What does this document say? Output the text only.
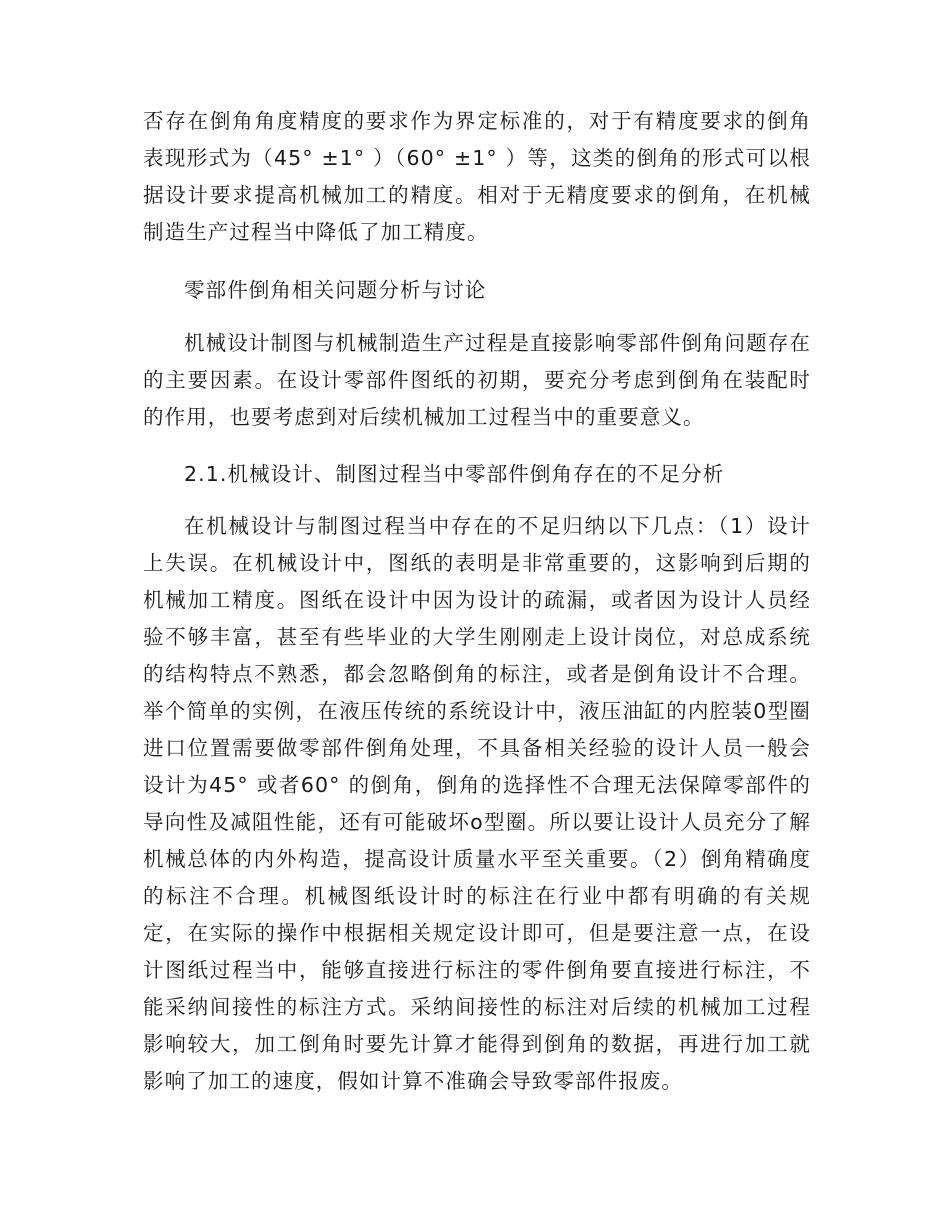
否存在倒角角度精度的要求作为界定标准的，对于有精度要求的倒角表现形式为（45° ±1° ）（60° ±1° ）等，这类的倒角的形式可以根据设计要求提高机械加工的精度。相对于无精度要求的倒角，在机械制造生产过程当中降低了加工精度。

零部件倒角相关问题分析与讨论

机械设计制图与机械制造生产过程是直接影响零部件倒角问题存在的主要因素。在设计零部件图纸的初期，要充分考虑到倒角在装配时的作用，也要考虑到对后续机械加工过程当中的重要意义。

2.1.机械设计、制图过程当中零部件倒角存在的不足分析

在机械设计与制图过程当中存在的不足归纳以下几点：（1）设计上失误。在机械设计中，图纸的表明是非常重要的，这影响到后期的机械加工精度。图纸在设计中因为设计的疏漏，或者因为设计人员经验不够丰富，甚至有些毕业的大学生刚刚走上设计岗位，对总成系统的结构特点不熟悉，都会忽略倒角的标注，或者是倒角设计不合理。举个简单的实例，在液压传统的系统设计中，液压油缸的内腔装0型圈进口位置需要做零部件倒角处理，不具备相关经验的设计人员一般会设计为45° 或者60° 的倒角，倒角的选择性不合理无法保障零部件的导向性及减阻性能，还有可能破坏o型圈。所以要让设计人员充分了解机械总体的内外构造，提高设计质量水平至关重要。（2）倒角精确度的标注不合理。机械图纸设计时的标注在行业中都有明确的有关规定，在实际的操作中根据相关规定设计即可，但是要注意一点，在设计图纸过程当中，能够直接进行标注的零件倒角要直接进行标注，不能采纳间接性的标注方式。采纳间接性的标注对后续的机械加工过程影响较大，加工倒角时要先计算才能得到倒角的数据，再进行加工就影响了加工的速度，假如计算不准确会导致零部件报废。
